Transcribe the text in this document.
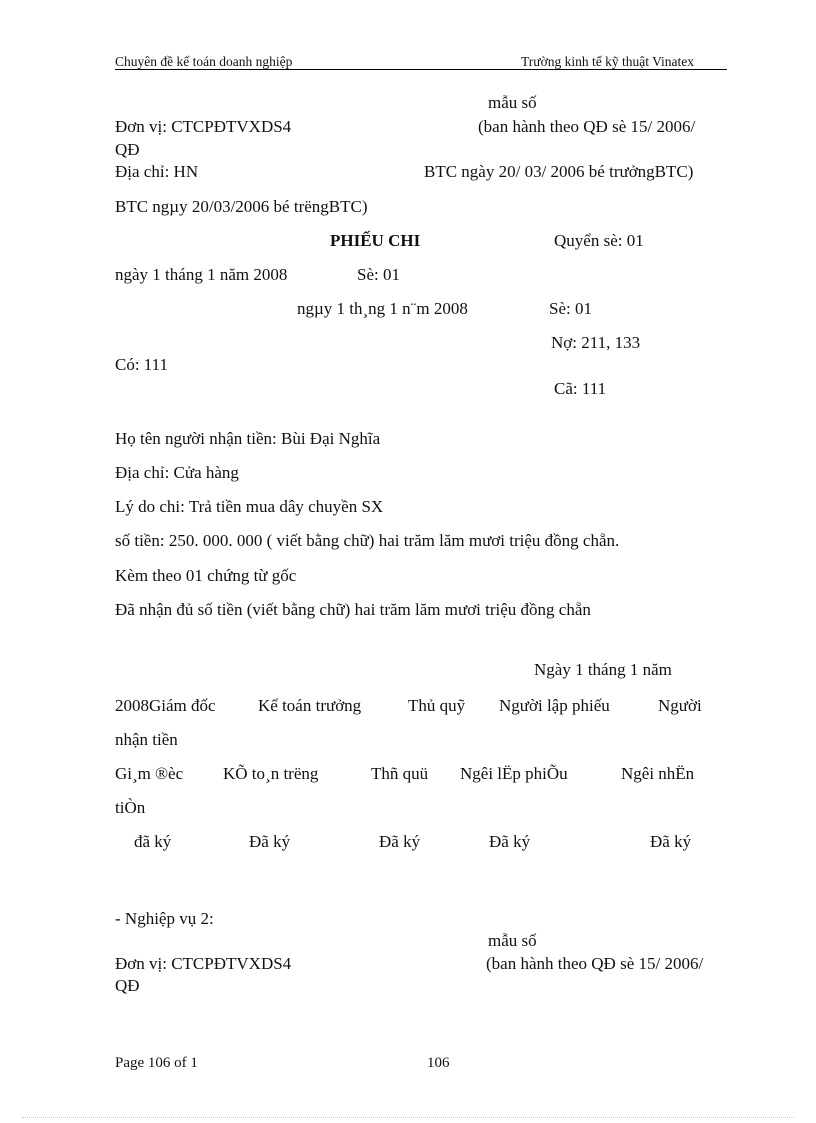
Chuyên đề kế toán doanh nghiệp	Trường kinh tế kỹ thuật Vinatex
mẫu số
Đơn vị: CTCPĐTVXDS4	(ban hành theo QĐ sè 15/ 2006/
QĐ
Địa chỉ: HN	BTC ngày 20/ 03/ 2006 bé trưởngBTC)
BTC ngµy 20/03/2006 bé trëngBTC)
PHIẾU CHI	Quyển sè: 01
ngày 1 tháng 1 năm 2008	Sè: 01
ngµy 1 th¸ng 1 n¨m 2008	Sè: 01
Nợ: 211, 133
Có: 111
Cã: 111
Họ tên người nhận tiền: Bùi Đại Nghĩa
Địa chỉ: Cửa hàng
Lý do chi: Trả tiền mua dây chuyền SX
số tiền: 250. 000. 000 ( viết bằng chữ) hai trăm lăm mươi triệu đồng chẵn.
Kèm theo 01 chứng từ gốc
Đã nhận đủ số tiền (viết bằng chữ) hai trăm lăm mươi triệu đồng chẵn
Ngày 1 tháng 1 năm
2008Giám đốc Kế toán trưởng	Thủ quỹ Người lập phiếu	Người
nhận tiền
Gi¸m ®èc KÕ to¸n trëng	Thñ quü Ngêi lËp phiÕu	Ngêi nhËn
tiÒn
đã ký	Đã ký	Đã ký	Đã ký	Đã ký
- Nghiệp vụ 2:
mẫu số
Đơn vị: CTCPĐTVXDS4	(ban hành theo QĐ sè 15/ 2006/
QĐ
Page 106 of 1	106
